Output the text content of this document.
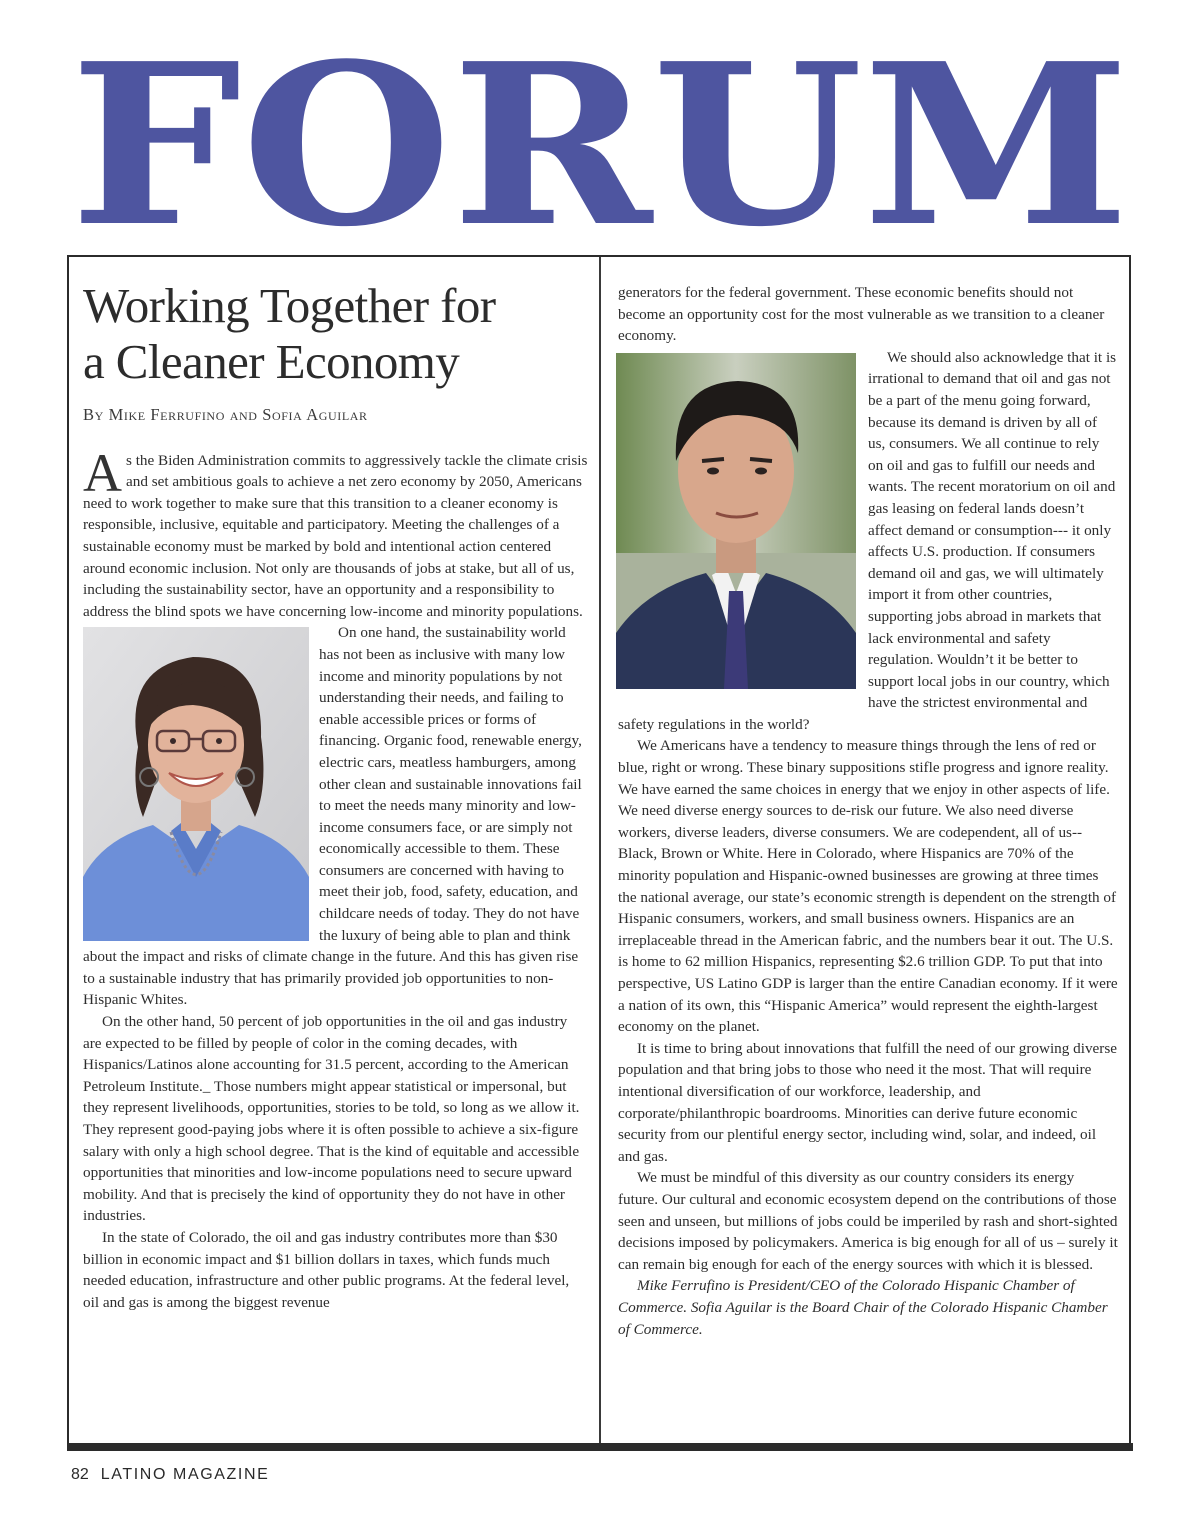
FORUM
Working Together for
a Cleaner Economy
By Mike Ferrufino and Sofia Aguilar

As the Biden Administration commits to aggressively tackle the climate crisis and set ambitious goals to achieve a net zero economy by 2050, Americans need to work together to make sure that this transition to a cleaner economy is responsible, inclusive, equitable and participatory. Meeting the challenges of a sustainable economy must be marked by bold and intentional action centered around economic inclusion. Not only are thousands of jobs at stake, but all of us, including the sustainability sector, have an opportunity and a responsibility to address the blind spots we have concerning low-income and minority populations.

On one hand, the sustainability world has not been as inclusive with many low income and minority populations by not understanding their needs, and failing to enable accessible prices or forms of financing. Organic food, renewable energy, electric cars, meatless hamburgers, among other clean and sustainable innovations fail to meet the needs many minority and low-income consumers face, or are simply not economically accessible to them. These consumers are concerned with having to meet their job, food, safety, education, and childcare needs of today. They do not have the luxury of being able to plan and think about the impact and risks of climate change in the future. And this has given rise to a sustainable industry that has primarily provided job opportunities to non-Hispanic Whites.

On the other hand, 50 percent of job opportunities in the oil and gas industry are expected to be filled by people of color in the coming decades, with Hispanics/Latinos alone accounting for 31.5 percent, according to the American Petroleum Institute._ Those numbers might appear statistical or impersonal, but they represent livelihoods, opportunities, stories to be told, so long as we allow it. They represent good-paying jobs where it is often possible to achieve a six-figure salary with only a high school degree. That is the kind of equitable and accessible opportunities that minorities and low-income populations need to secure upward mobility. And that is precisely the kind of opportunity they do not have in other industries.

In the state of Colorado, the oil and gas industry contributes more than $30 billion in economic impact and $1 billion dollars in taxes, which funds much needed education, infrastructure and other public programs. At the federal level, oil and gas is among the biggest revenue

generators for the federal government. These economic benefits should not become an opportunity cost for the most vulnerable as we transition to a cleaner economy.

We should also acknowledge that it is irrational to demand that oil and gas not be a part of the menu going forward, because its demand is driven by all of us, consumers. We all continue to rely on oil and gas to fulfill our needs and wants. The recent moratorium on oil and gas leasing on federal lands doesn’t affect demand or consumption--- it only affects U.S. production. If consumers demand oil and gas, we will ultimately import it from other countries, supporting jobs abroad in markets that lack environmental and safety regulation. Wouldn’t it be better to support local jobs in our country, which have the strictest environmental and safety regulations in the world?

We Americans have a tendency to measure things through the lens of red or blue, right or wrong. These binary suppositions stifle progress and ignore reality. We have earned the same choices in energy that we enjoy in other aspects of life. We need diverse energy sources to de-risk our future. We also need diverse workers, diverse leaders, diverse consumers. We are codependent, all of us--Black, Brown or White. Here in Colorado, where Hispanics are 70% of the minority population and Hispanic-owned businesses are growing at three times the national average, our state’s economic strength is dependent on the strength of Hispanic consumers, workers, and small business owners. Hispanics are an irreplaceable thread in the American fabric, and the numbers bear it out. The U.S. is home to 62 million Hispanics, representing $2.6 trillion GDP. To put that into perspective, US Latino GDP is larger than the entire Canadian economy. If it were a nation of its own, this “Hispanic America” would represent the eighth-largest economy on the planet.

It is time to bring about innovations that fulfill the need of our growing diverse population and that bring jobs to those who need it the most. That will require intentional diversification of our workforce, leadership, and corporate/philanthropic boardrooms. Minorities can derive future economic security from our plentiful energy sector, including wind, solar, and indeed, oil and gas.

We must be mindful of this diversity as our country considers its energy future. Our cultural and economic ecosystem depend on the contributions of those seen and unseen, but millions of jobs could be imperiled by rash and short-sighted decisions imposed by policymakers. America is big enough for all of us – surely it can remain big enough for each of the energy sources with which it is blessed.

Mike Ferrufino is President/CEO of the Colorado Hispanic Chamber of Commerce. Sofia Aguilar is the Board Chair of the Colorado Hispanic Chamber of Commerce.

82 LATINO MAGAZINE
